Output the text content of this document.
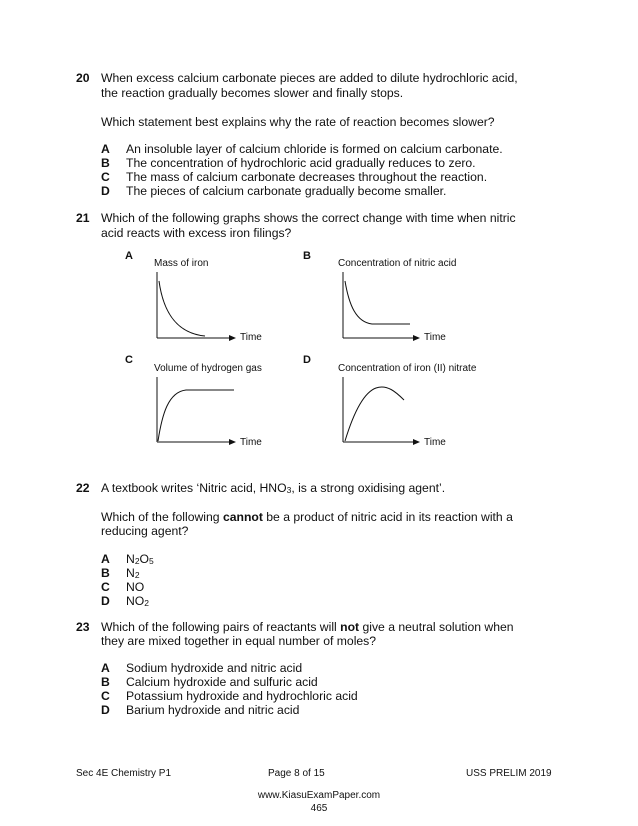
20 When excess calcium carbonate pieces are added to dilute hydrochloric acid,
the reaction gradually becomes slower and finally stops.
Which statement best explains why the rate of reaction becomes slower?
A An insoluble layer of calcium chloride is formed on calcium carbonate.
B The concentration of hydrochloric acid gradually reduces to zero.
C The mass of calcium carbonate decreases throughout the reaction.
D The pieces of calcium carbonate gradually become smaller.
21 Which of the following graphs shows the correct change with time when nitric
acid reacts with excess iron filings?
A
Mass of iron
Time
B
Concentration of nitric acid
Time
C
Volume of hydrogen gas
Time
D
Concentration of iron (II) nitrate
Time
22 A textbook writes ‘Nitric acid, $HNO_3$, is a strong oxidising agent’.
Which of the following cannot be a product of nitric acid in its reaction with a
reducing agent?
A $N_2O_5$
B $N_2$
C NO
D $NO_2$
23 Which of the following pairs of reactants will not give a neutral solution when
they are mixed together in equal number of moles?
A Sodium hydroxide and nitric acid
B Calcium hydroxide and sulfuric acid
C Potassium hydroxide and hydrochloric acid
D Barium hydroxide and nitric acid
Sec 4E Chemistry P1	Page 8 of 15	USS PRELIM 2019
www.KiasuExamPaper.com
465
